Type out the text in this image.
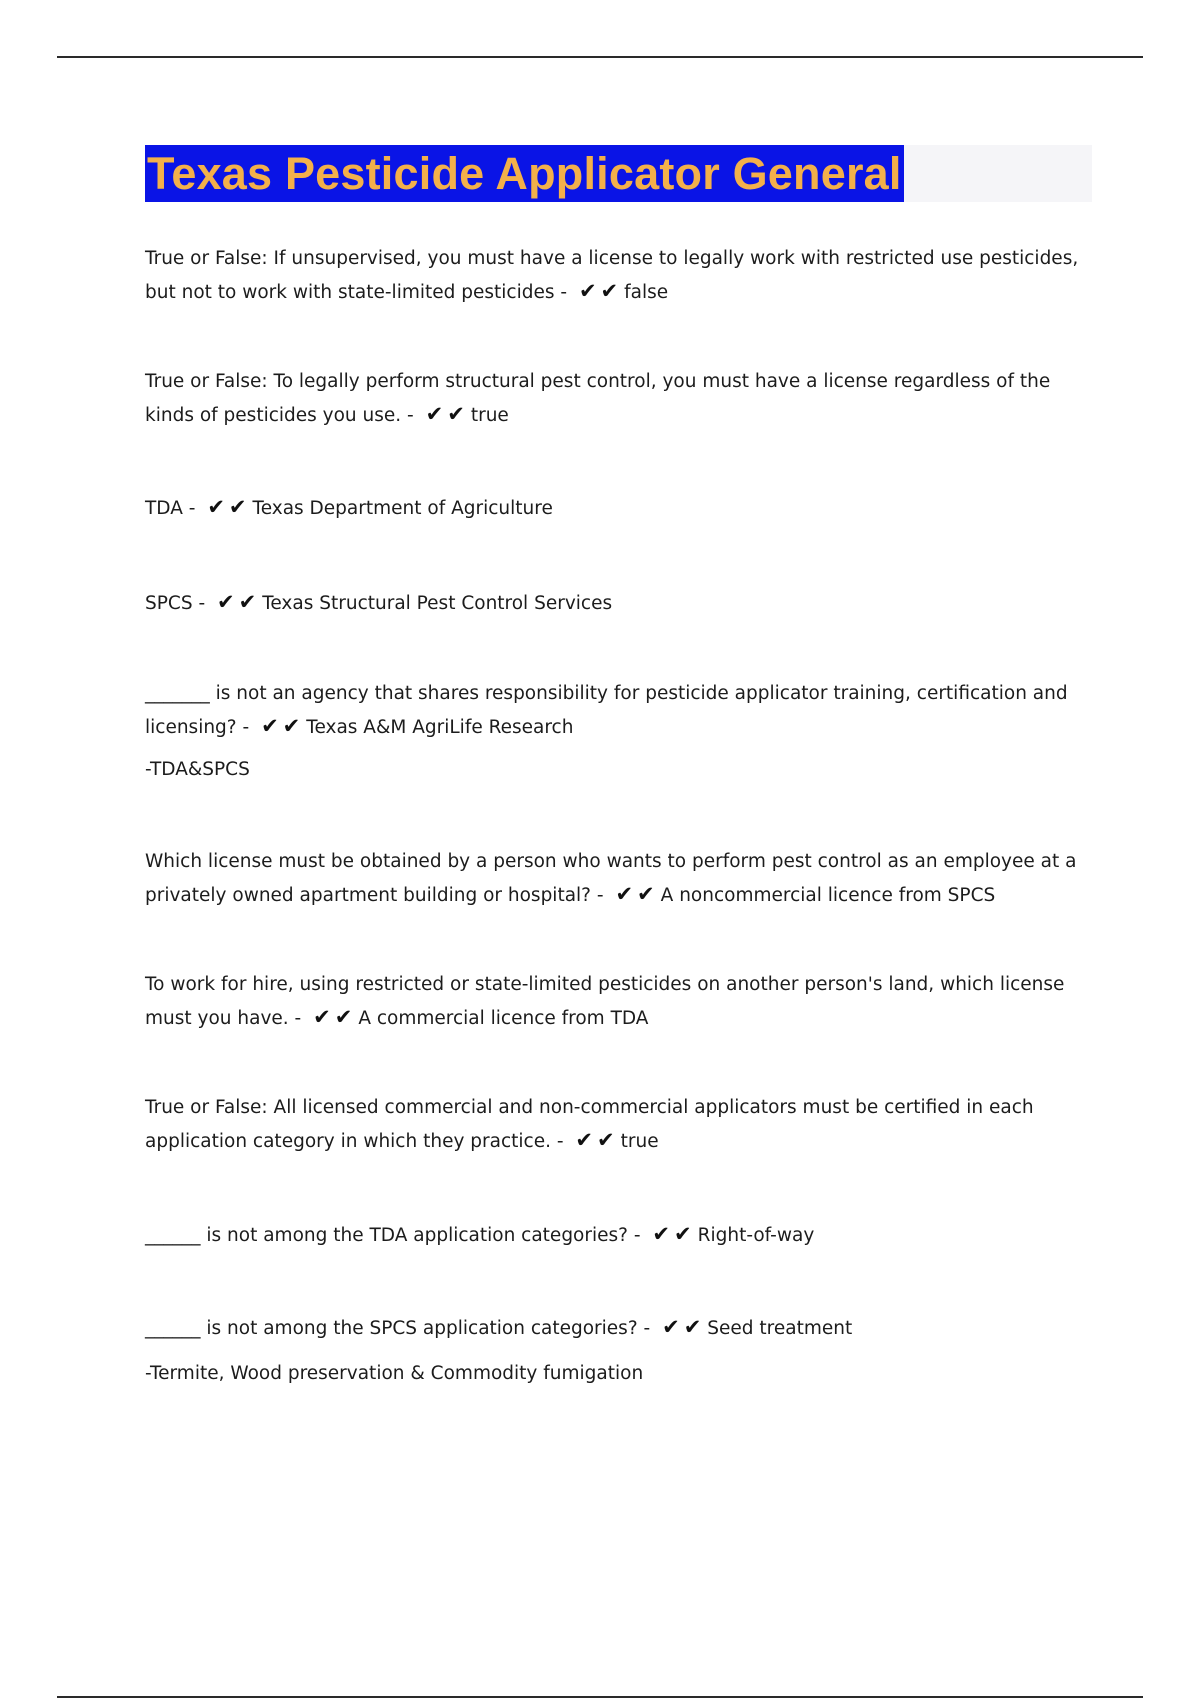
Texas Pesticide Applicator General
True or False: If unsupervised, you must have a license to legally work with restricted use pesticides, but not to work with state-limited pesticides - ✔✔ false
True or False: To legally perform structural pest control, you must have a license regardless of the kinds of pesticides you use. - ✔✔ true
TDA - ✔✔ Texas Department of Agriculture
SPCS - ✔✔ Texas Structural Pest Control Services
_______ is not an agency that shares responsibility for pesticide applicator training, certification and licensing? - ✔✔ Texas A&M AgriLife Research
-TDA&SPCS
Which license must be obtained by a person who wants to perform pest control as an employee at a privately owned apartment building or hospital? - ✔✔ A noncommercial licence from SPCS
To work for hire, using restricted or state-limited pesticides on another person's land, which license must you have. - ✔✔ A commercial licence from TDA
True or False: All licensed commercial and non-commercial applicators must be certified in each application category in which they practice. - ✔✔ true
______ is not among the TDA application categories? - ✔✔ Right-of-way
______ is not among the SPCS application categories? - ✔✔ Seed treatment
-Termite, Wood preservation & Commodity fumigation
